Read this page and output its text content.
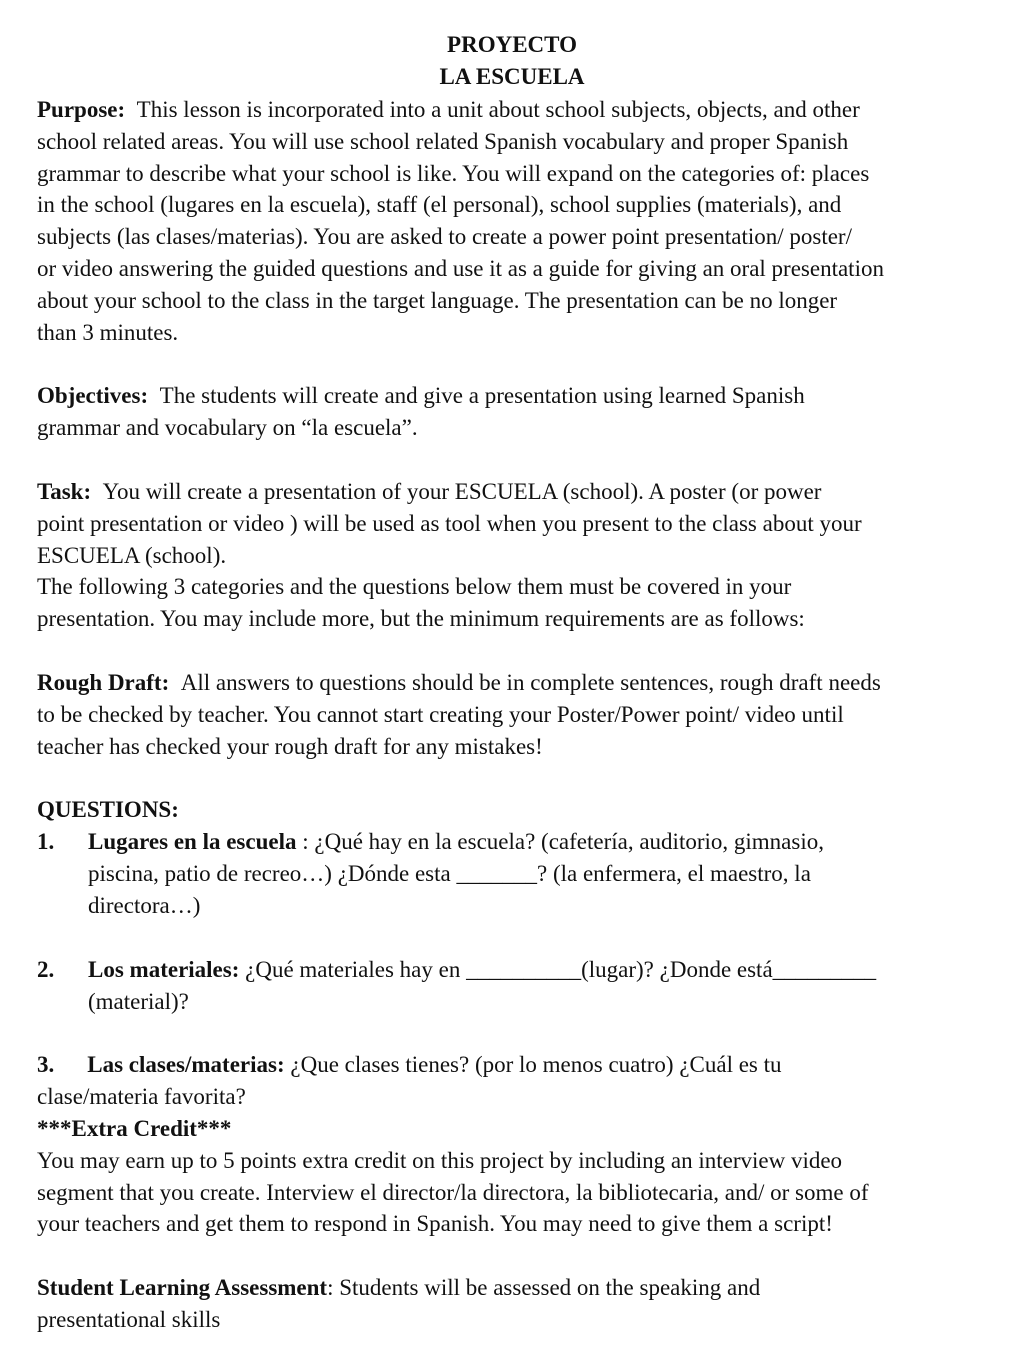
PROYECTO

LA ESCUELA

Purpose: This lesson is incorporated into a unit about school subjects, objects, and other
school related areas. You will use school related Spanish vocabulary and proper Spanish
grammar to describe what your school is like. You will expand on the categories of: places
in the school (lugares en la escuela), staff (el personal), school supplies (materials), and
subjects (las clases/materias). You are asked to create a power point presentation/ poster/
or video answering the guided questions and use it as a guide for giving an oral presentation
about your school to the class in the target language. The presentation can be no longer
than 3 minutes.
Objectives: The students will create and give a presentation using learned Spanish
grammar and vocabulary on “la escuela”.
Task: You will create a presentation of your ESCUELA (school). A poster (or power
point presentation or video ) will be used as tool when you present to the class about your
ESCUELA (school).
The following 3 categories and the questions below them must be covered in your
presentation. You may include more, but the minimum requirements are as follows:
Rough Draft: All answers to questions should be in complete sentences, rough draft needs
to be checked by teacher. You cannot start creating your Poster/Power point/ video until
teacher has checked your rough draft for any mistakes!
QUESTIONS:
1. Lugares en la escuela : ¿Qué hay en la escuela? (cafetería, auditorio, gimnasio,
piscina, patio de recreo…) ¿Dónde esta _______? (la enfermera, el maestro, la
directora…)
2. Los materiales: ¿Qué materiales hay en __________(lugar)? ¿Donde está_________
(material)?
3. Las clases/materias: ¿Que clases tienes? (por lo menos cuatro) ¿Cuál es tu
clase/materia favorita?
***Extra Credit***
You may earn up to 5 points extra credit on this project by including an interview video
segment that you create. Interview el director/la directora, la bibliotecaria, and/ or some of
your teachers and get them to respond in Spanish. You may need to give them a script!
Student Learning Assessment: Students will be assessed on the speaking and
presentational skills
